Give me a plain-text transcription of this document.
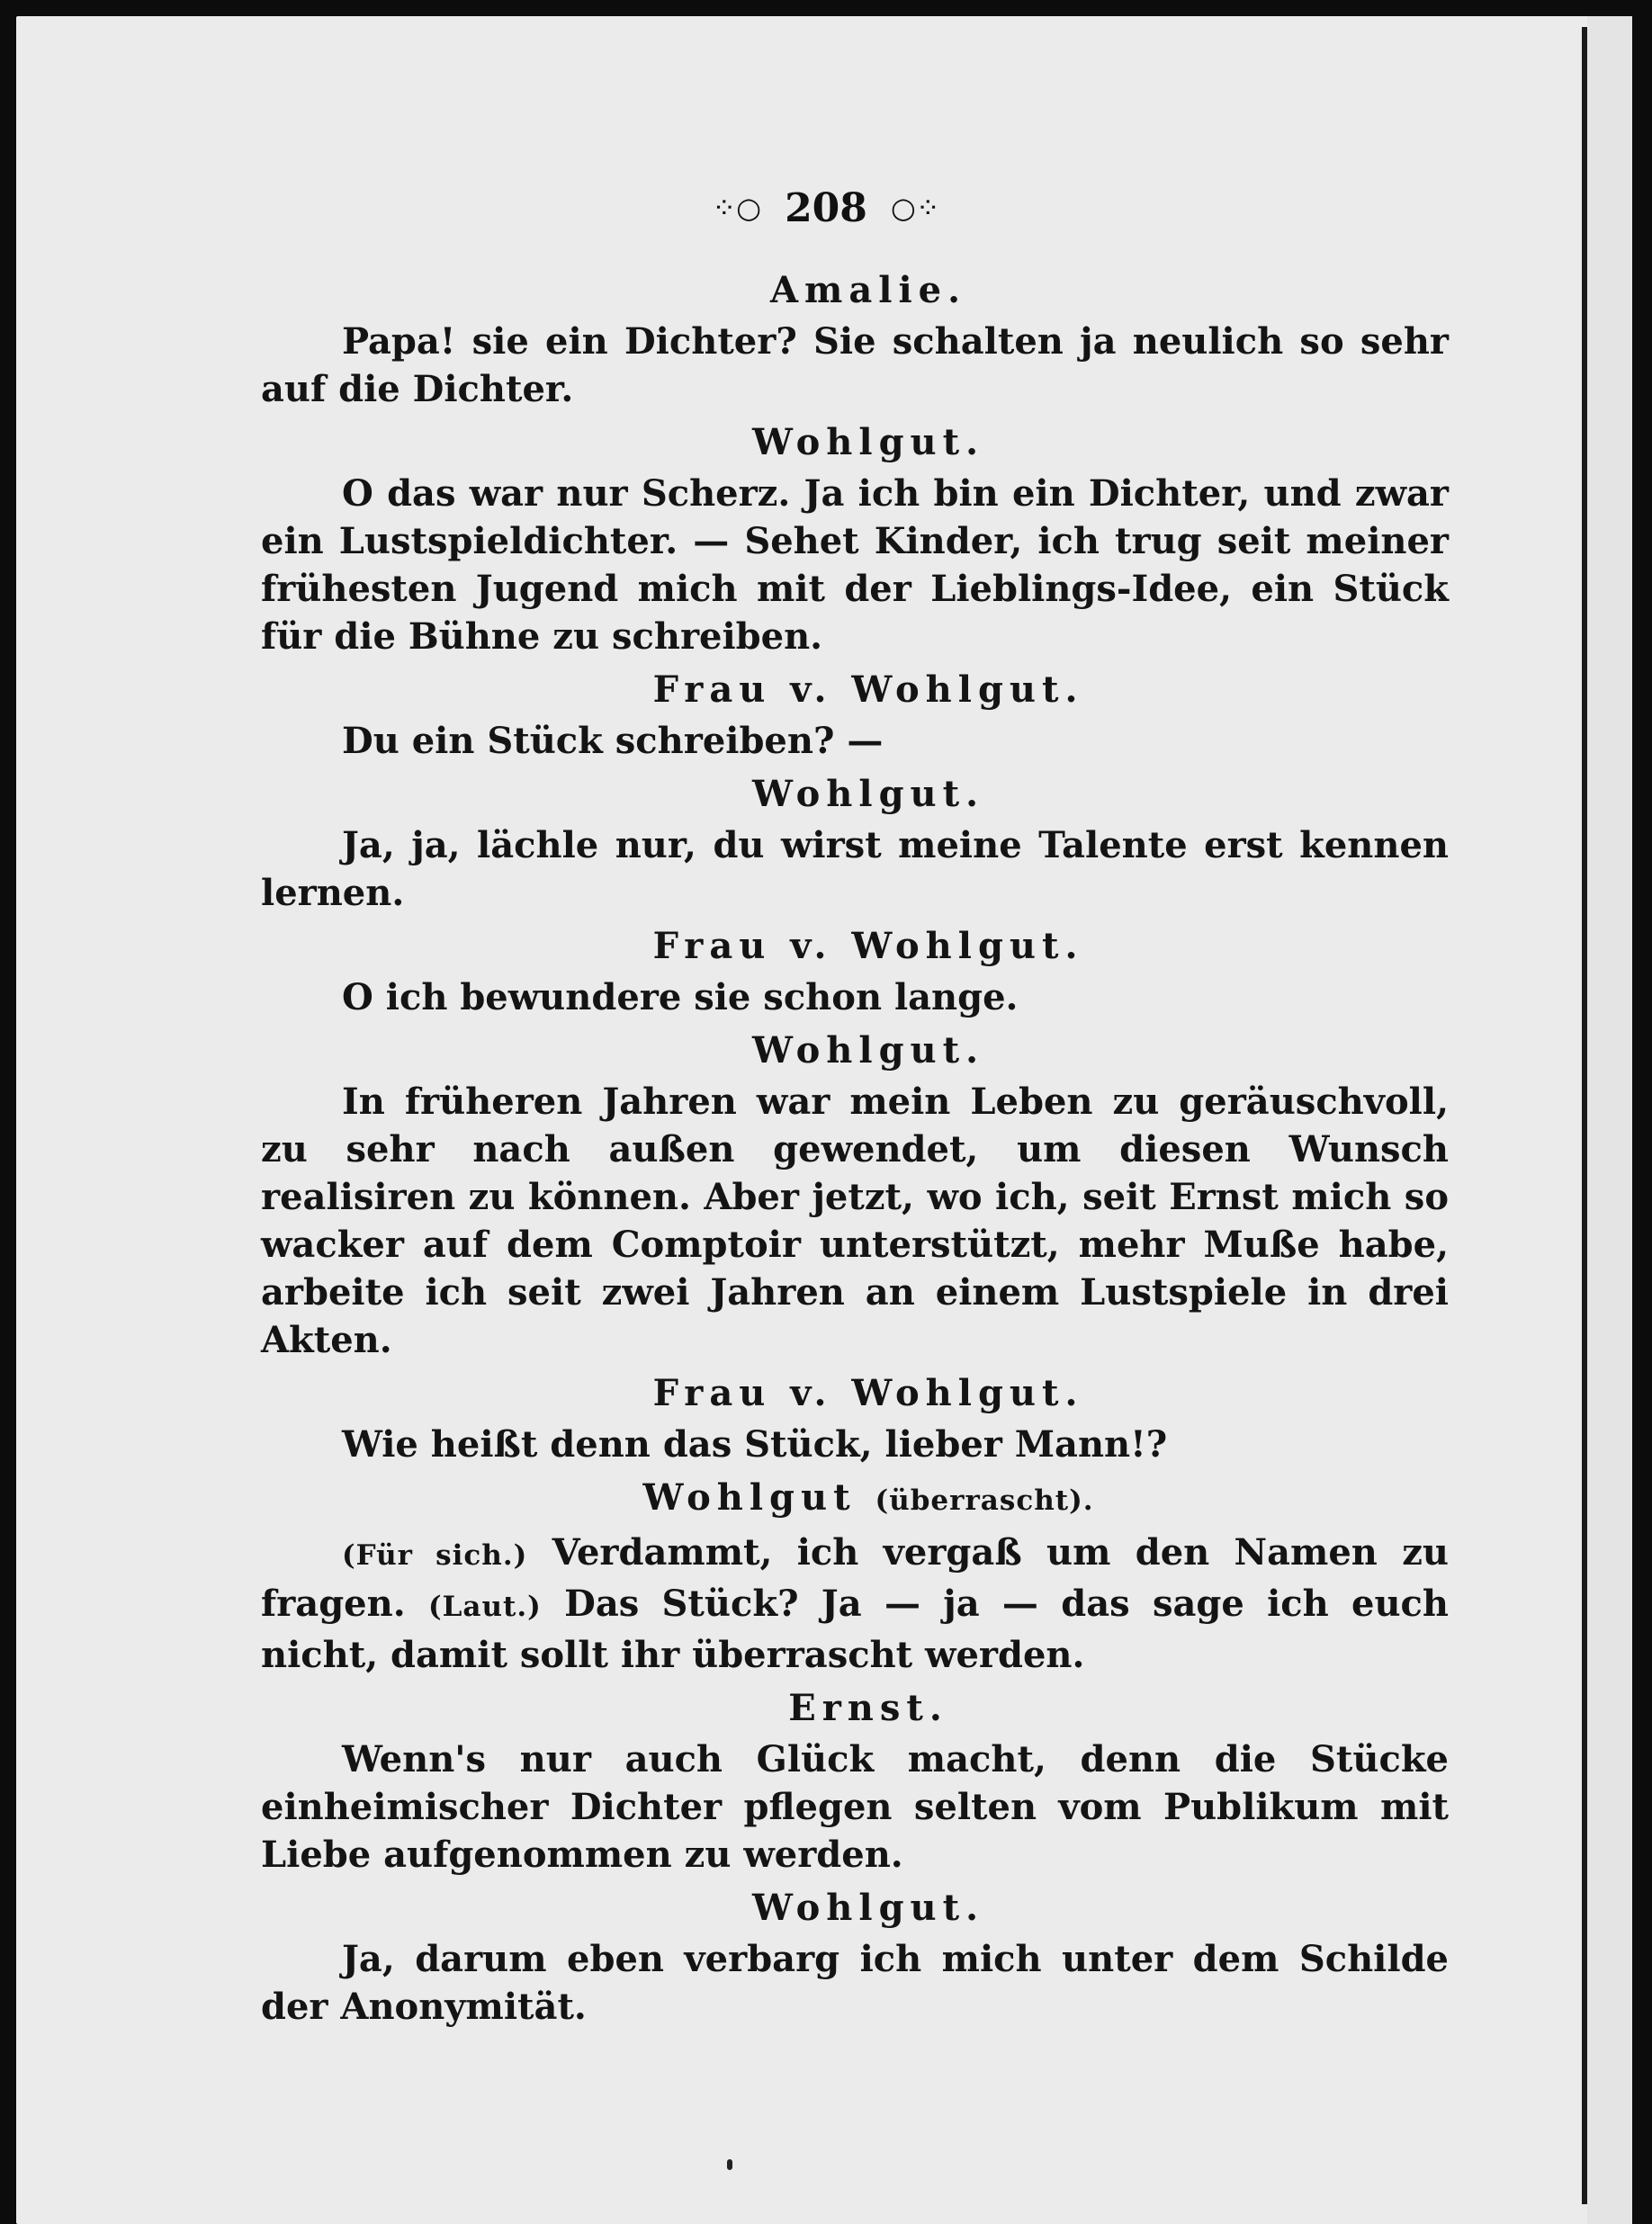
⁘○ 208 ○⁘
Amalie.

Papa! sie ein Dichter? Sie schalten ja neulich so sehr auf die Dichter.

Wohlgut.

O das war nur Scherz. Ja ich bin ein Dichter, und zwar ein Lustspieldichter. — Sehet Kinder, ich trug seit meiner frühesten Jugend mich mit der Lieblings-Idee, ein Stück für die Bühne zu schreiben.

Frau v. Wohlgut.

Du ein Stück schreiben? —

Wohlgut.

Ja, ja, lächle nur, du wirst meine Talente erst kennen lernen.

Frau v. Wohlgut.

O ich bewundere sie schon lange.

Wohlgut.

In früheren Jahren war mein Leben zu geräuschvoll, zu sehr nach außen gewendet, um diesen Wunsch realisiren zu können. Aber jetzt, wo ich, seit Ernst mich so wacker auf dem Comptoir unterstützt, mehr Muße habe, arbeite ich seit zwei Jahren an einem Lustspiele in drei Akten.

Frau v. Wohlgut.

Wie heißt denn das Stück, lieber Mann!?

Wohlgut (überrascht).

(Für sich.) Verdammt, ich vergaß um den Namen zu fragen. (Laut.) Das Stück? Ja — ja — das sage ich euch nicht, damit sollt ihr überrascht werden.

Ernst.

Wenn's nur auch Glück macht, denn die Stücke einheimischer Dichter pflegen selten vom Publikum mit Liebe aufgenommen zu werden.

Wohlgut.

Ja, darum eben verbarg ich mich unter dem Schilde der Anonymität.
